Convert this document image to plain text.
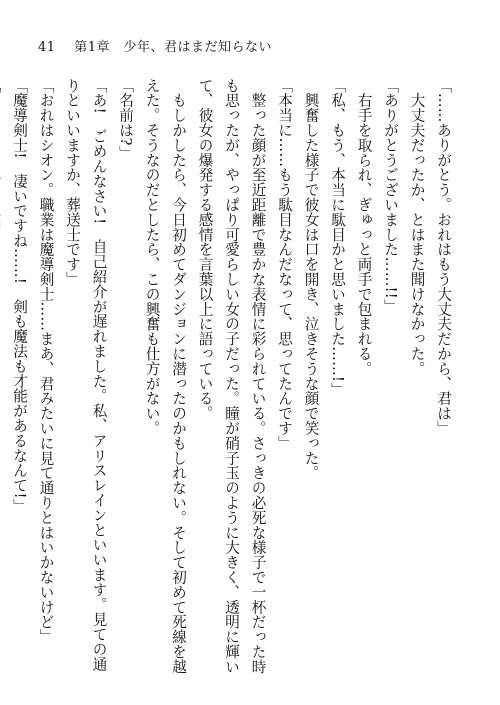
41 第1章　少年、君はまだ知らない

「……ありがとう。おれはもう大丈夫だから、君は」

　大丈夫だったか、とはまた聞けなかった。

「ありがとうございました……!!」

　右手を取られ、ぎゅっと両手で包まれる。

「私、もう、本当に駄目かと思いました……!」

　興奮した様子で彼女は口を開き、泣きそうな顔で笑った。

「本当に……もう駄目なんだなって、思ってたんです」

　整った顔が至近距離で豊かな表情に彩られている。さっきの必死な様子で一杯だった時も思ったが、やっぱり可愛らしい女の子だった。瞳が硝子玉のように大きく、透明に輝いて、彼女の爆発する感情を言葉以上に語っている。

　もしかしたら、今日初めてダンジョンに潜ったのかもしれない。そして初めて死線を越えた。そうなのだとしたら、この興奮も仕方がない。

「名前は?」

「あ!　ごめんなさい!　自己紹介が遅れました。私、アリスレインといいます。見ての通りといいますか、葬送士です」

「おれはシオン。職業は魔導剣士……まあ、君みたいに見て通りとはいかないけど」

「魔導剣士!　凄いですね……!　剣も魔法も才能があるなんて!」
